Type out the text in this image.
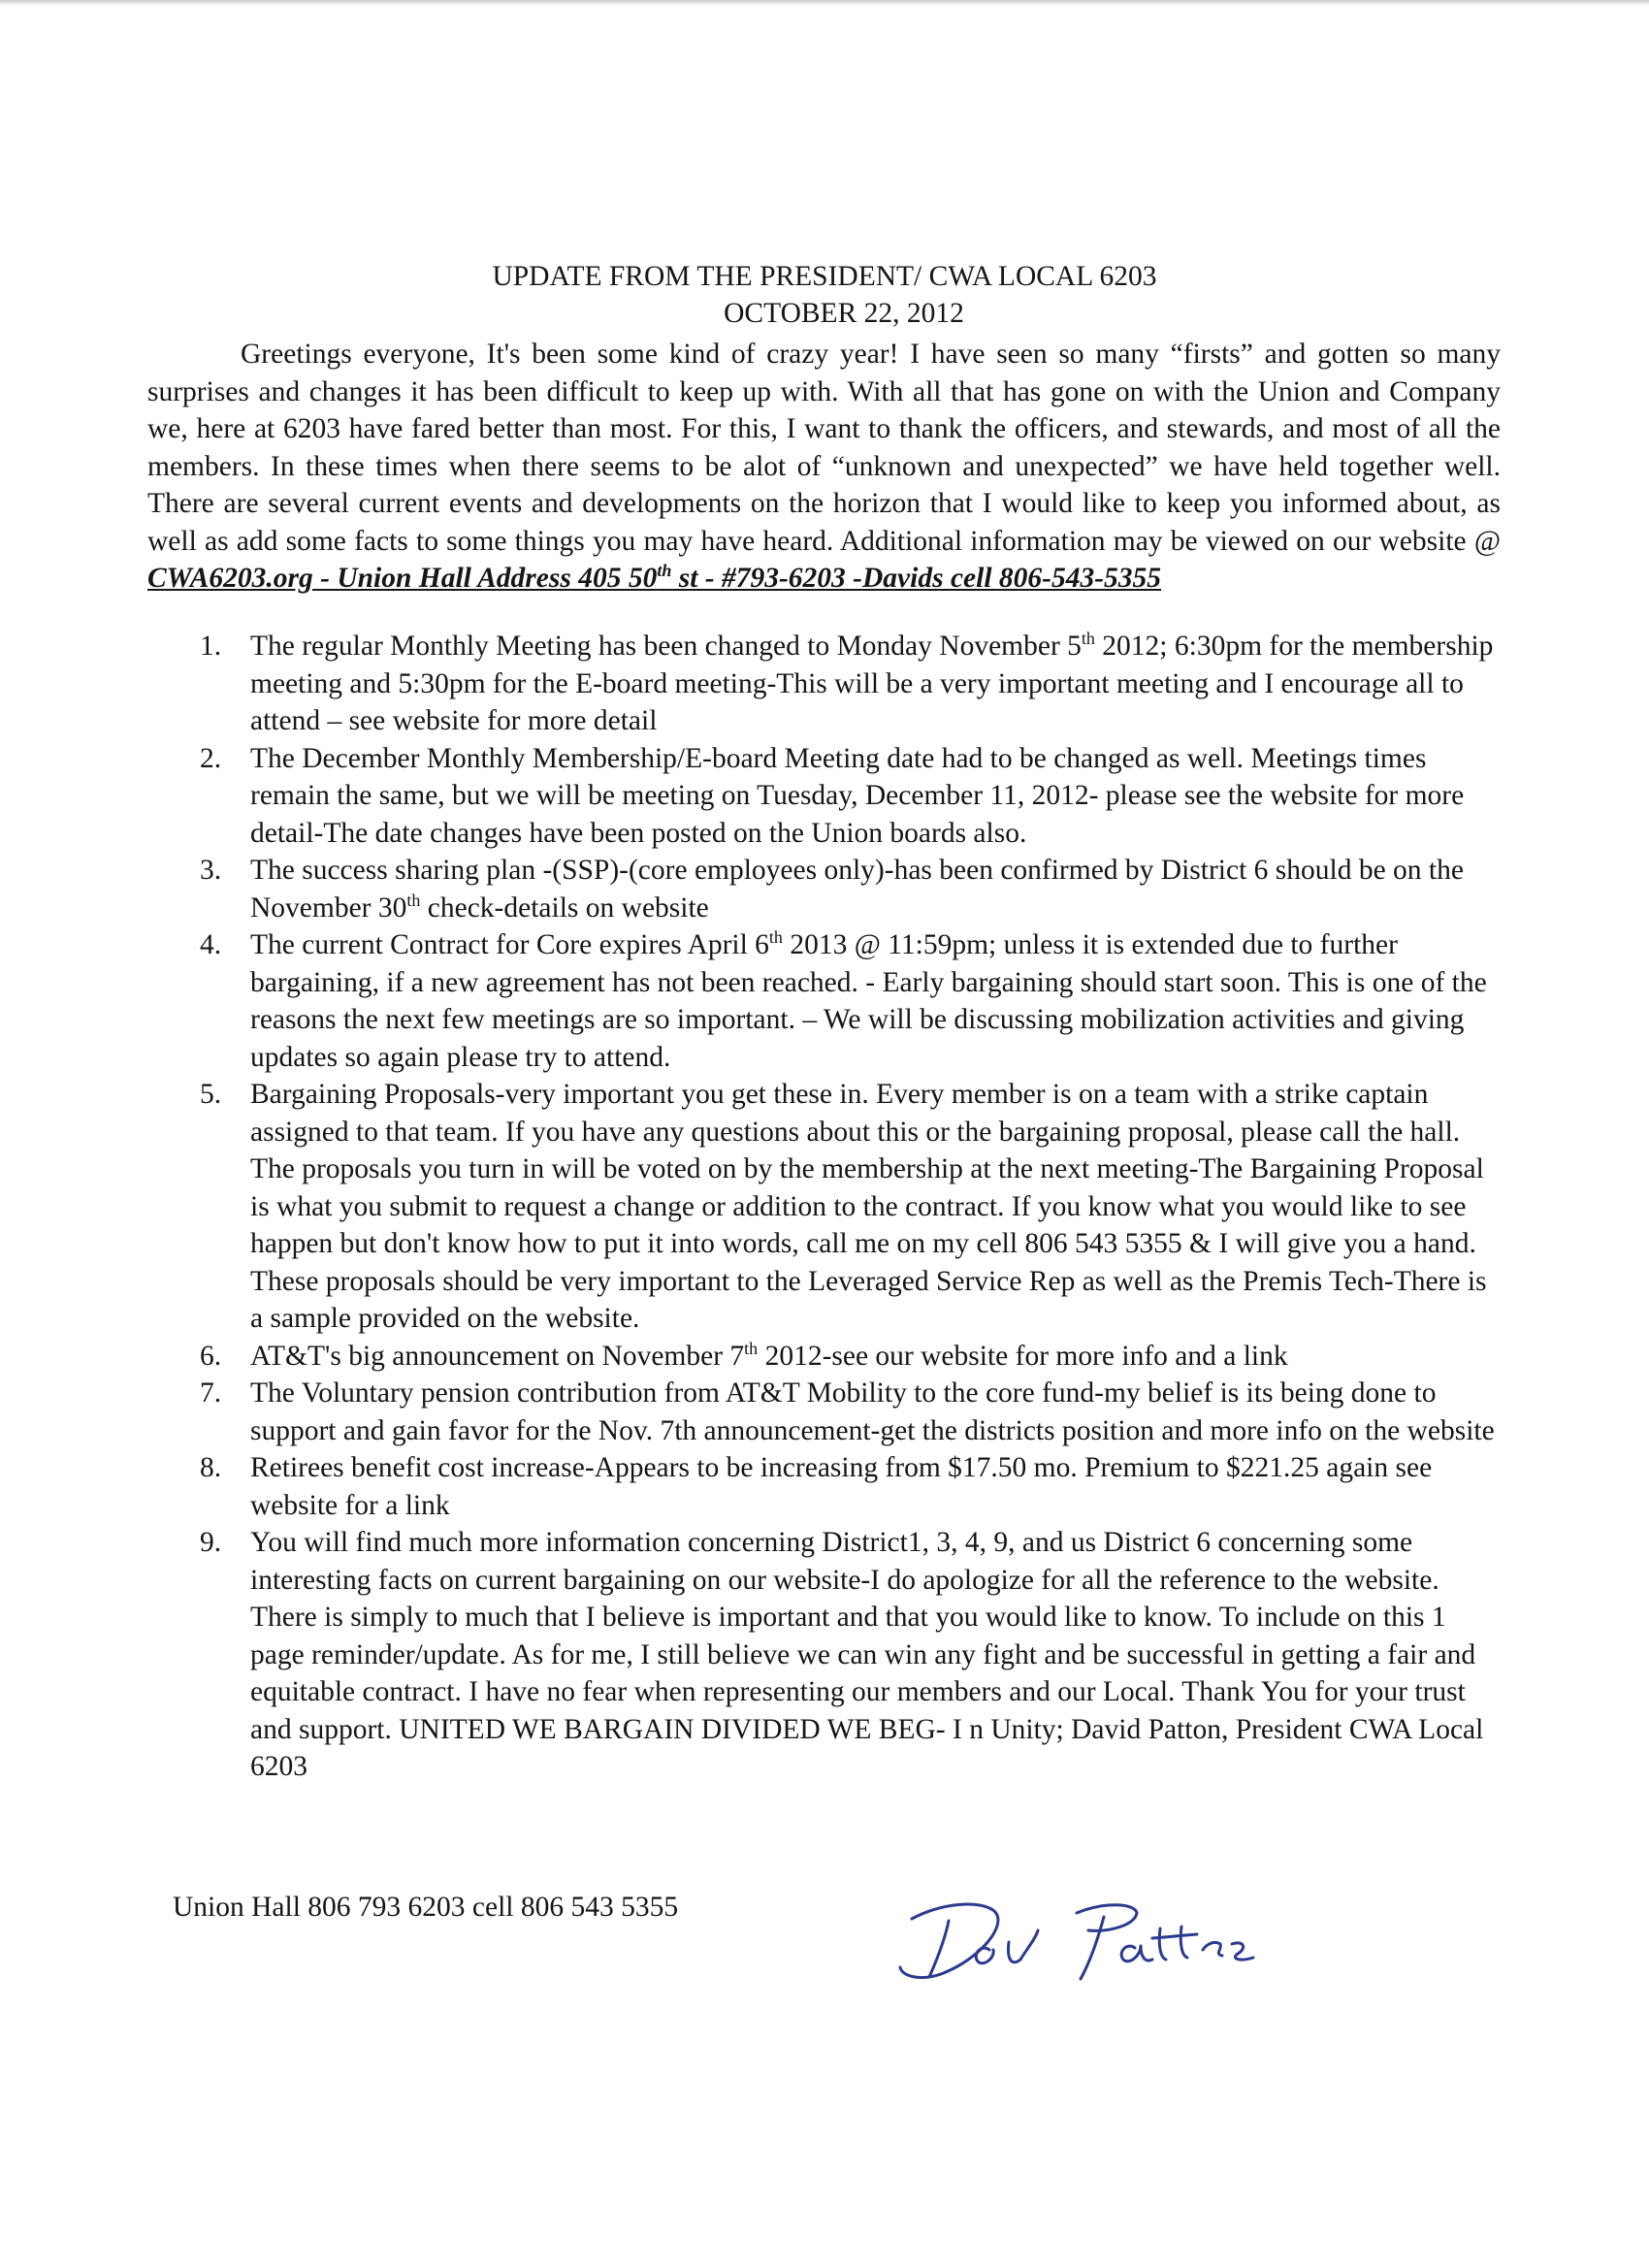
UPDATE FROM THE PRESIDENT/ CWA LOCAL 6203
OCTOBER 22, 2012
Greetings everyone, It's been some kind of crazy year! I have seen so many “firsts” and gotten so many surprises and changes it has been difficult to keep up with. With all that has gone on with the Union and Company we, here at 6203 have fared better than most. For this, I want to thank the officers, and stewards, and most of all the members. In these times when there seems to be alot of “unknown and unexpected” we have held together well. There are several current events and developments on the horizon that I would like to keep you informed about, as well as add some facts to some things you may have heard. Additional information may be viewed on our website @ CWA6203.org - Union Hall Address 405 50th st - #793-6203 -Davids cell 806-543-5355
1. The regular Monthly Meeting has been changed to Monday November 5th 2012; 6:30pm for the membership meeting and 5:30pm for the E-board meeting-This will be a very important meeting and I encourage all to attend – see website for more detail
2. The December Monthly Membership/E-board Meeting date had to be changed as well. Meetings times remain the same, but we will be meeting on Tuesday, December 11, 2012- please see the website for more detail-The date changes have been posted on the Union boards also.
3. The success sharing plan -(SSP)-(core employees only)-has been confirmed by District 6 should be on the November 30th check-details on website
4. The current Contract for Core expires April 6th 2013 @ 11:59pm; unless it is extended due to further bargaining, if a new agreement has not been reached. - Early bargaining should start soon. This is one of the reasons the next few meetings are so important. – We will be discussing mobilization activities and giving updates so again please try to attend.
5. Bargaining Proposals-very important you get these in. Every member is on a team with a strike captain assigned to that team. If you have any questions about this or the bargaining proposal, please call the hall. The proposals you turn in will be voted on by the membership at the next meeting-The Bargaining Proposal is what you submit to request a change or addition to the contract. If you know what you would like to see happen but don't know how to put it into words, call me on my cell 806 543 5355 & I will give you a hand. These proposals should be very important to the Leveraged Service Rep as well as the Premis Tech-There is a sample provided on the website.
6. AT&T's big announcement on November 7th 2012-see our website for more info and a link
7. The Voluntary pension contribution from AT&T Mobility to the core fund-my belief is its being done to support and gain favor for the Nov. 7th announcement-get the districts position and more info on the website
8. Retirees benefit cost increase-Appears to be increasing from $17.50 mo. Premium to $221.25 again see website for a link
9. You will find much more information concerning District1, 3, 4, 9, and us District 6 concerning some interesting facts on current bargaining on our website-I do apologize for all the reference to the website. There is simply to much that I believe is important and that you would like to know. To include on this 1 page reminder/update. As for me, I still believe we can win any fight and be successful in getting a fair and equitable contract. I have no fear when representing our members and our Local. Thank You for your trust and support. UNITED WE BARGAIN DIVIDED WE BEG- I n Unity; David Patton, President CWA Local 6203
Union Hall 806 793 6203 cell 806 543 5355
